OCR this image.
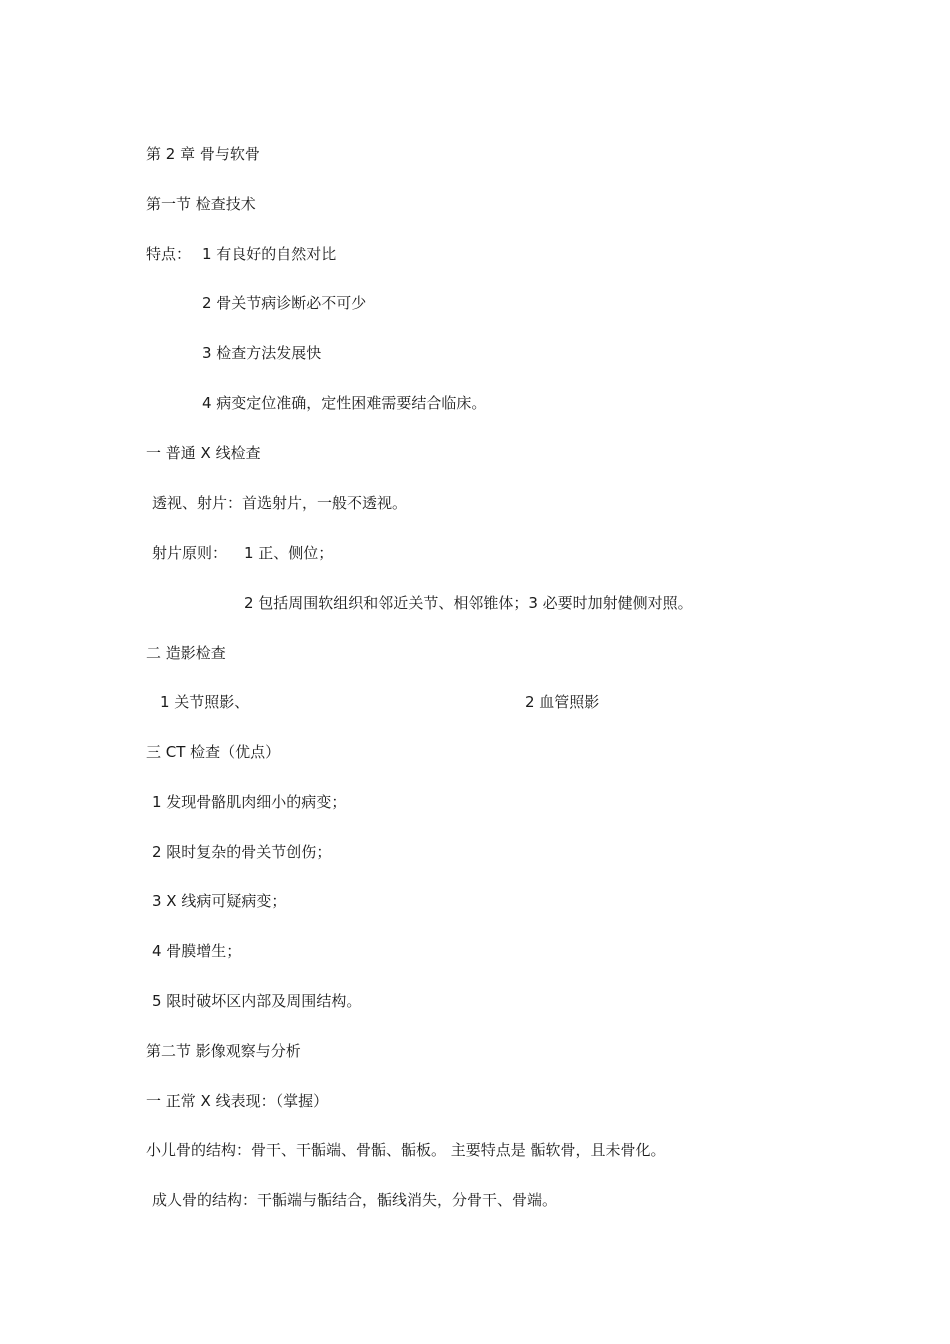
第 2 章 骨与软骨
第一节 检查技术
特点： 1 有良好的自然对比
2 骨关节病诊断必不可少
3 检查方法发展快
4 病变定位准确，定性困难需要结合临床。
一 普通 X 线检查
透视、射片：首选射片，一般不透视。
射片原则： 1 正、侧位；
2 包括周围软组织和邻近关节、相邻锥体；3 必要时加射健侧对照。
二 造影检查
1 关节照影、	2 血管照影
三 CT 检查（优点）
1 发现骨骼肌肉细小的病变；
2 限时复杂的骨关节创伤；
3 X 线病可疑病变；
4 骨膜增生；
5 限时破坏区内部及周围结构。
第二节 影像观察与分析
一 正常 X 线表现：（掌握）
小儿骨的结构：骨干、干骺端、骨骺、骺板。 主要特点是 骺软骨，且未骨化。
成人骨的结构：干骺端与骺结合，骺线消失，分骨干、骨端。
